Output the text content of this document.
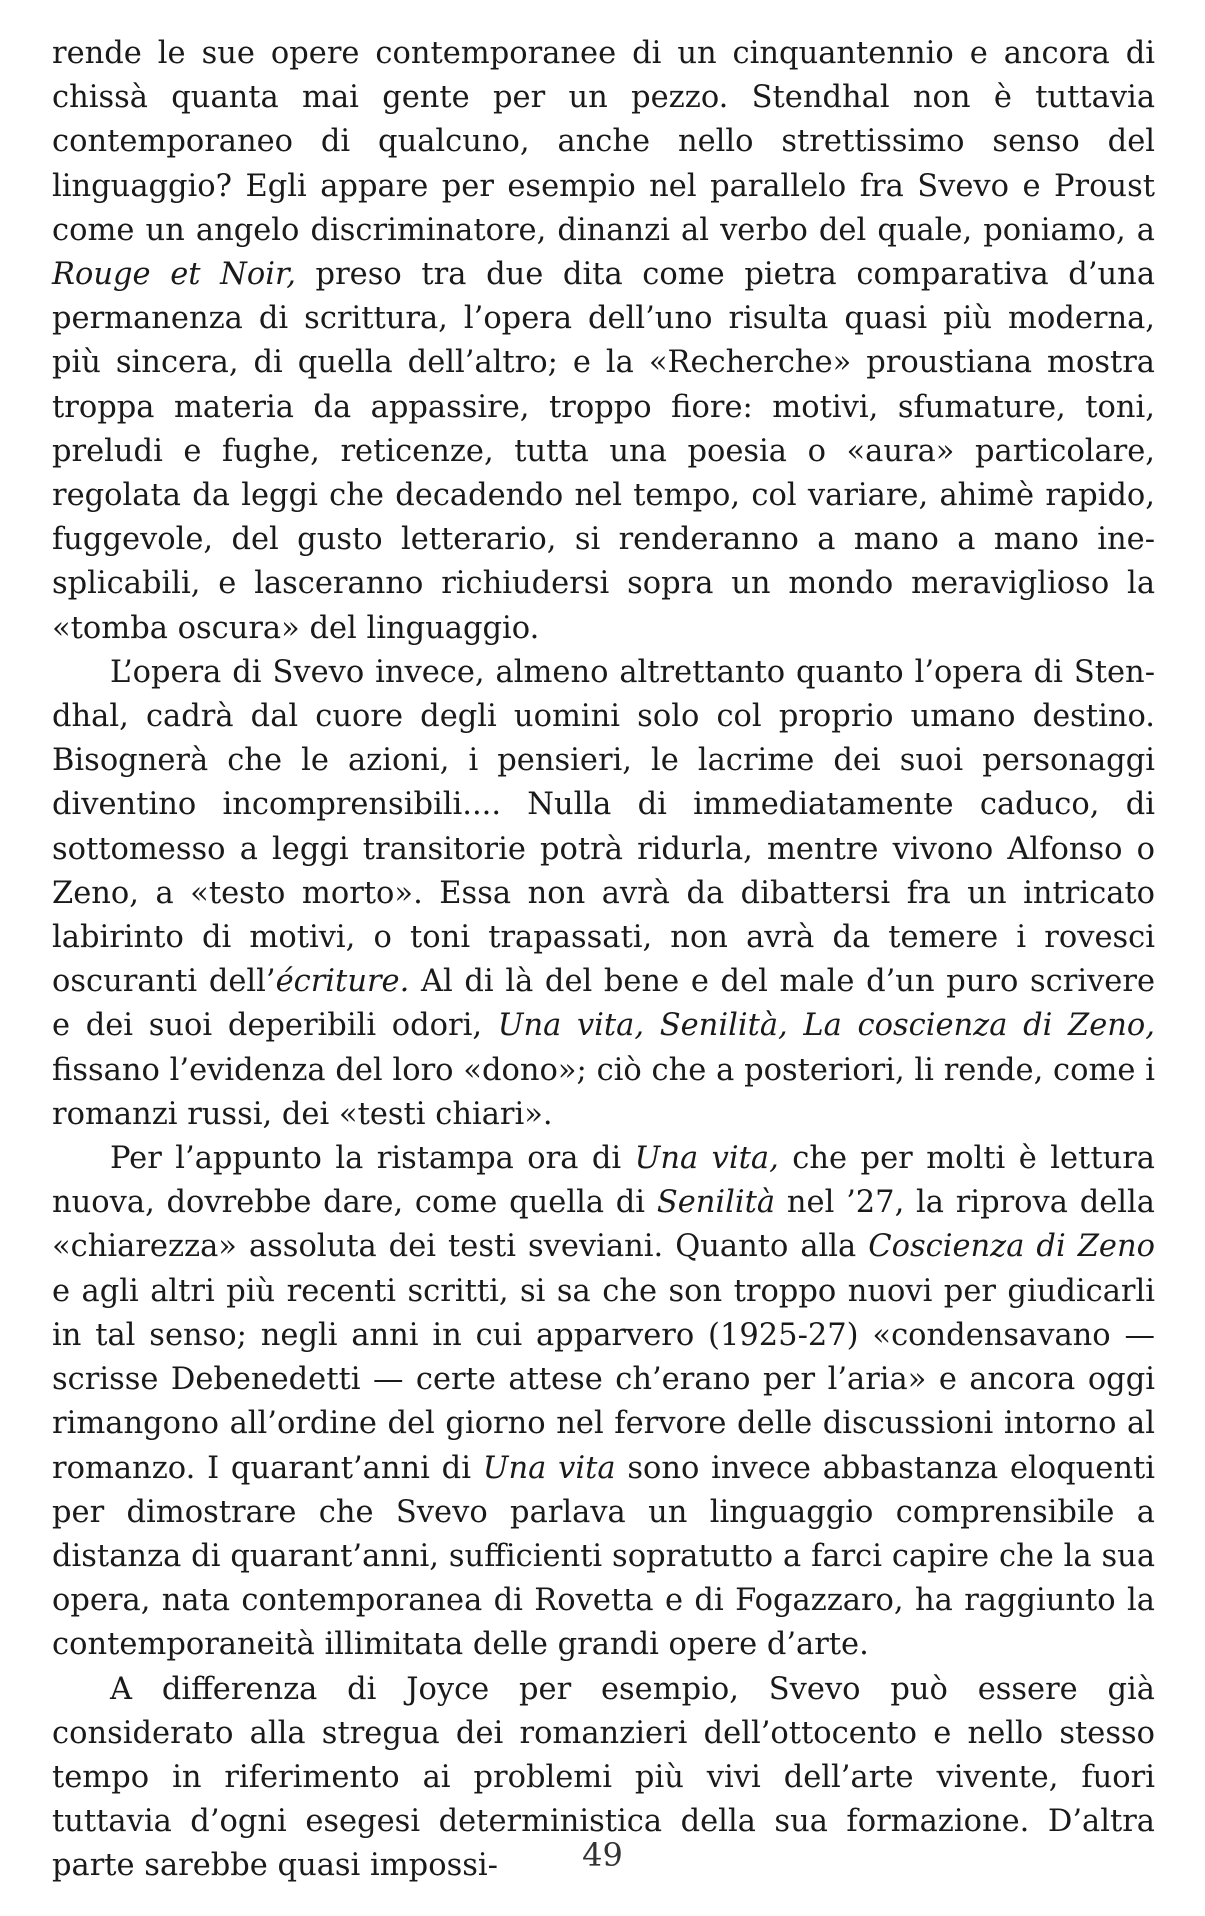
rende le sue opere contemporanee di un cinquantennio e ancora di chissà quanta mai gente per un pezzo. Stendhal non è tuttavia contemporaneo di qualcuno, anche nello strettissimo senso del linguaggio? Egli appare per esempio nel parallelo fra Svevo e Proust come un angelo discriminatore, dinanzi al verbo del quale, poniamo, a Rouge et Noir, preso tra due dita come pietra comparativa d’una permanenza di scrittura, l’opera dell’uno risulta quasi più moderna, più sincera, di quella dell’altro; e la «Recherche» proustiana mostra troppa materia da appassire, troppo fiore: motivi, sfumature, toni, preludi e fughe, reticenze, tutta una poesia o «aura» particolare, regolata da leggi che decadendo nel tempo, col variare, ahimè rapido, fuggevole, del gusto letterario, si renderanno a mano a mano inesplicabili, e lasceranno richiudersi sopra un mondo meraviglioso la «tomba oscura» del linguaggio.

L’opera di Svevo invece, almeno altrettanto quanto l’opera di Stendhal, cadrà dal cuore degli uomini solo col proprio umano destino. Bisognerà che le azioni, i pensieri, le lacrime dei suoi personaggi diventino incomprensibili.... Nulla di immediatamente caduco, di sottomesso a leggi transitorie potrà ridurla, mentre vivono Alfonso o Zeno, a «testo morto». Essa non avrà da dibattersi fra un intricato labirinto di motivi, o toni trapassati, non avrà da temere i rovesci oscuranti dell’écriture. Al di là del bene e del male d’un puro scrivere e dei suoi deperibili odori, Una vita, Senilità, La coscienza di Zeno, fissano l’evidenza del loro «dono»; ciò che a posteriori, li rende, come i romanzi russi, dei «testi chiari».

Per l’appunto la ristampa ora di Una vita, che per molti è lettura nuova, dovrebbe dare, come quella di Senilità nel ’27, la riprova della «chiarezza» assoluta dei testi sveviani. Quanto alla Coscienza di Zeno e agli altri più recenti scritti, si sa che son troppo nuovi per giudicarli in tal senso; negli anni in cui apparvero (1925-27) «condensavano — scrisse Debenedetti — certe attese ch’erano per l’aria» e ancora oggi rimangono all’ordine del giorno nel fervore delle discussioni intorno al romanzo. I quarant’anni di Una vita sono invece abbastanza eloquenti per dimostrare che Svevo parlava un linguaggio comprensibile a distanza di quarant’anni, sufficienti sopratutto a farci capire che la sua opera, nata contemporanea di Rovetta e di Fogazzaro, ha raggiunto la contemporaneità illimitata delle grandi opere d’arte.

A differenza di Joyce per esempio, Svevo può essere già considerato alla stregua dei romanzieri dell’ottocento e nello stesso tempo in riferimento ai problemi più vivi dell’arte vivente, fuori tuttavia d’ogni esegesi deterministica della sua formazione. D’altra parte sarebbe quasi impossi-	49
